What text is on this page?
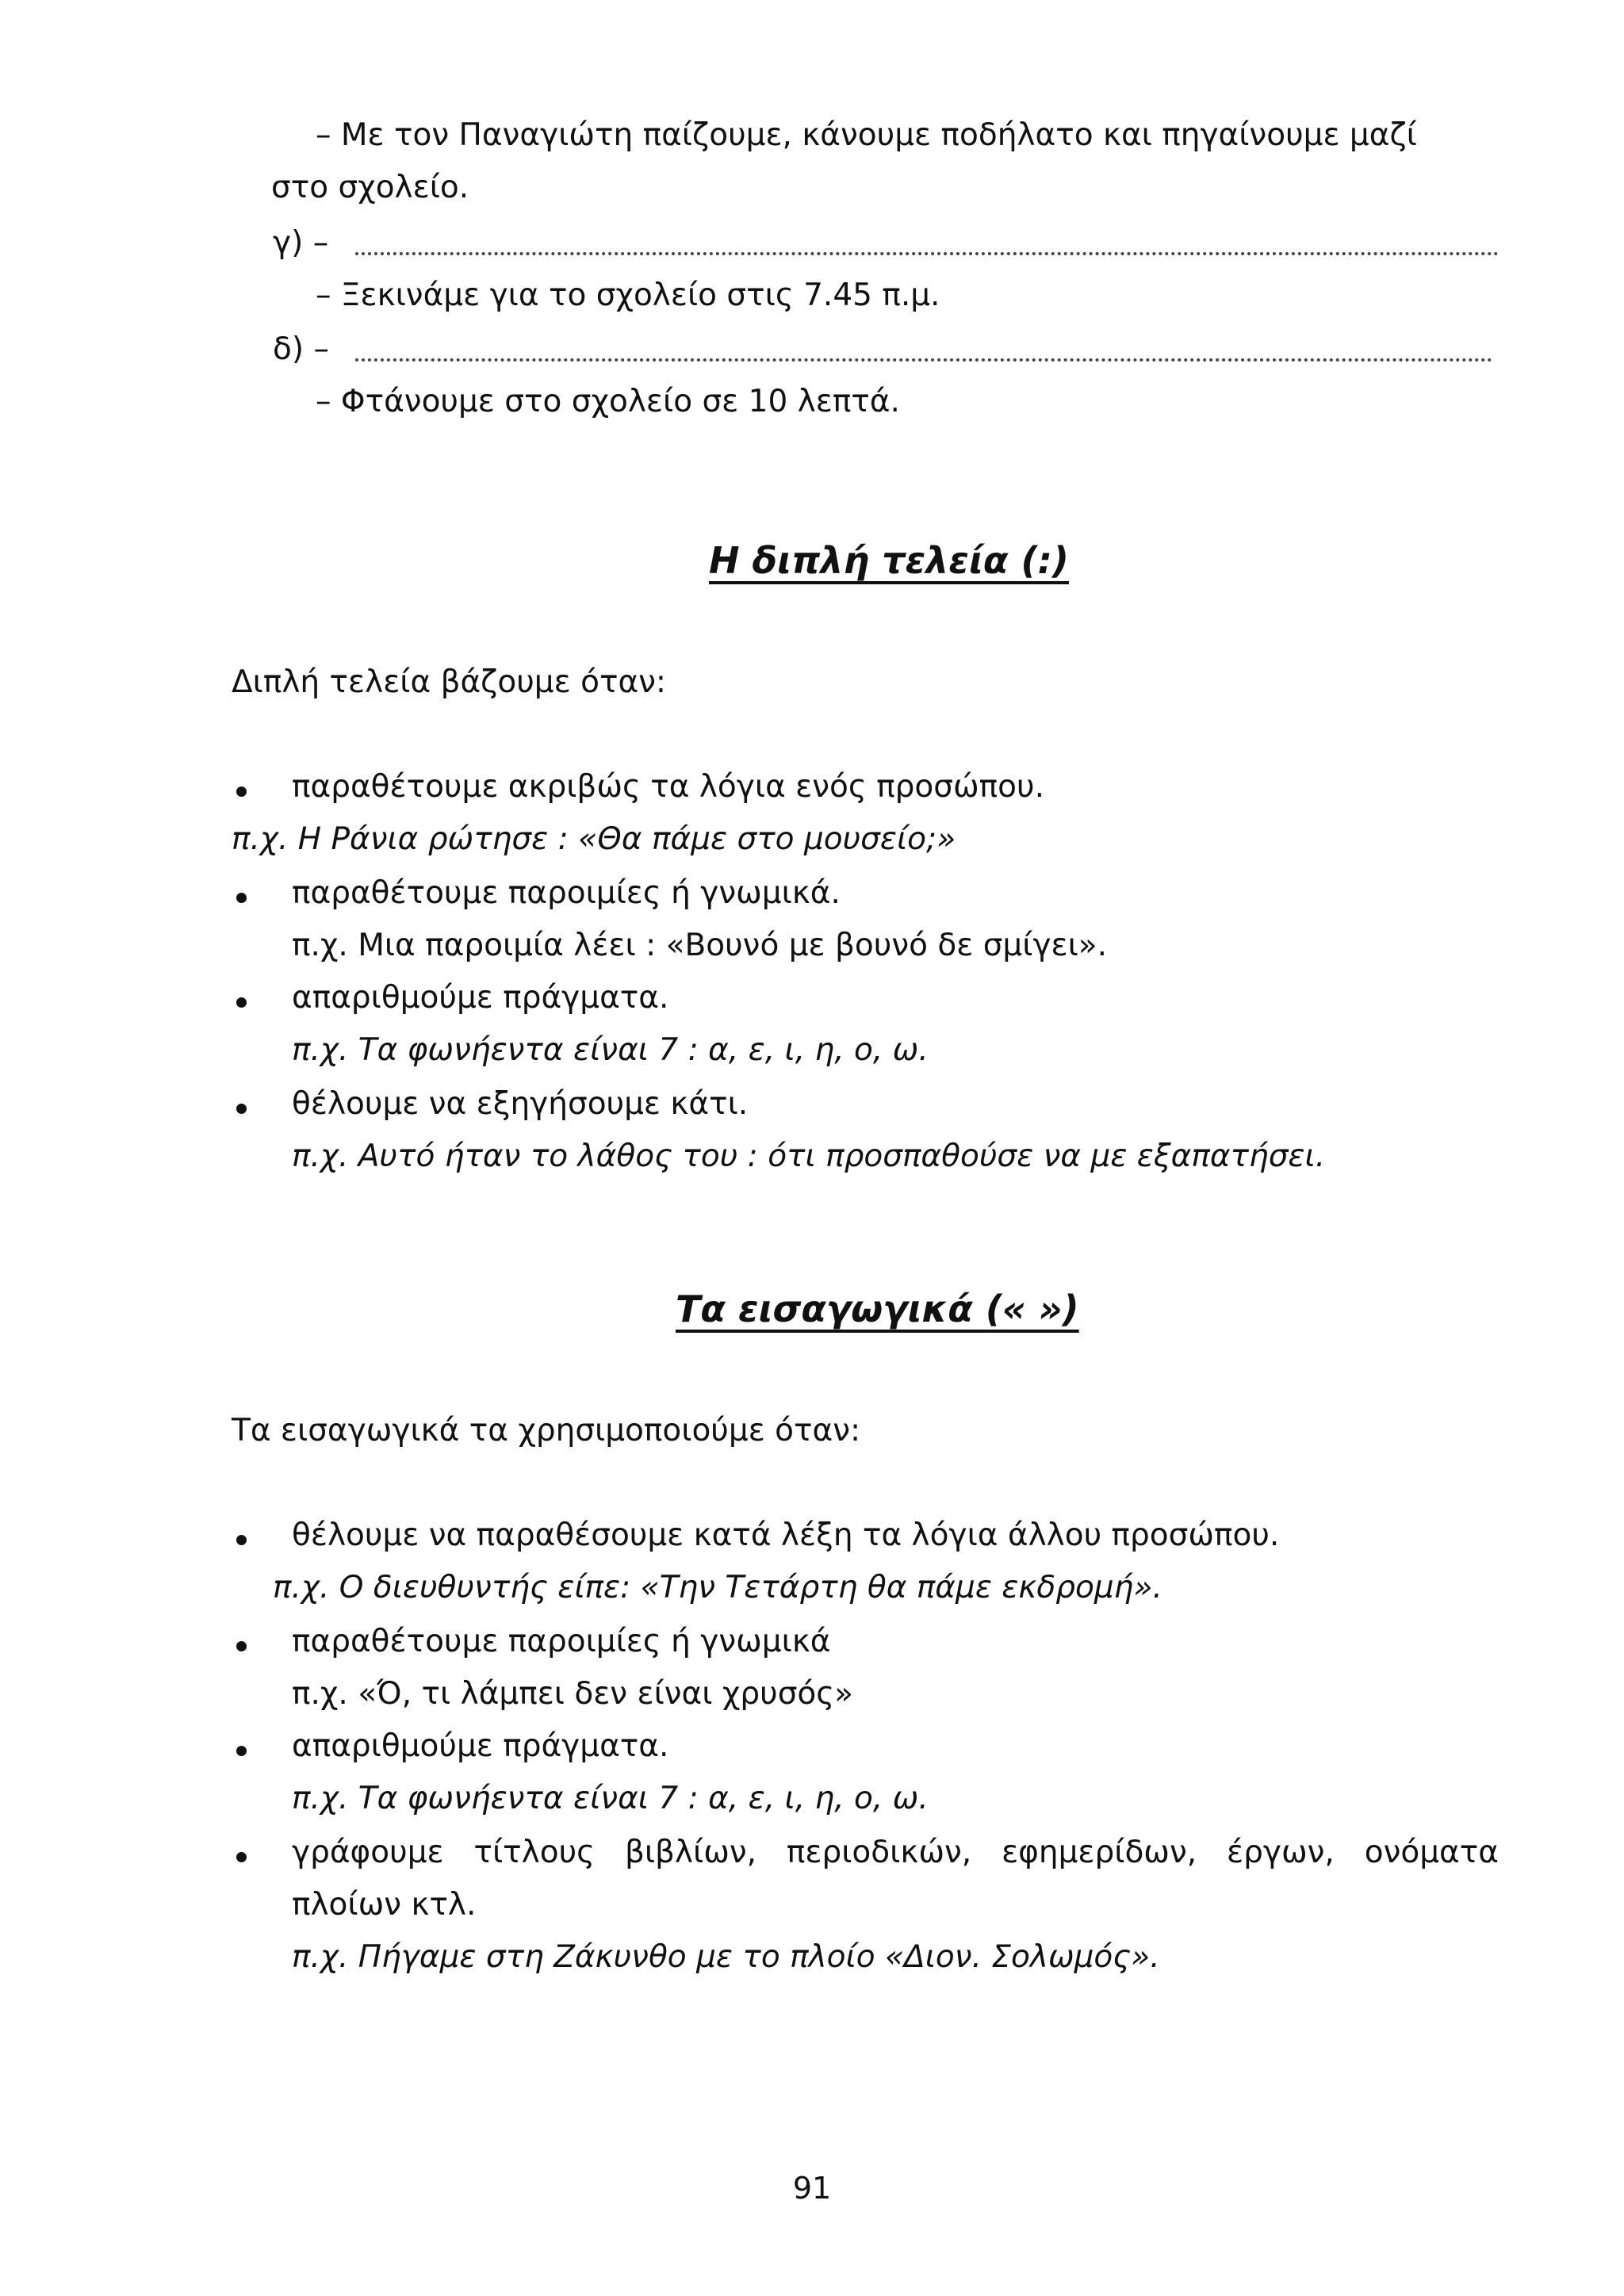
– Με τον Παναγιώτη παίζουμε, κάνουμε ποδήλατο και πηγαίνουμε μαζί
στο σχολείο.
γ) –
– Ξεκινάμε για το σχολείο στις 7.45 π.μ.
δ) –
– Φτάνουμε στο σχολείο σε 10 λεπτά.
Η διπλή τελεία (:)
Διπλή τελεία βάζουμε όταν:
παραθέτουμε ακριβώς τα λόγια ενός προσώπου.
π.χ. Η Ράνια ρώτησε : «Θα πάμε στο μουσείο;»
παραθέτουμε παροιμίες ή γνωμικά.
π.χ. Μια παροιμία λέει : «Βουνό με βουνό δε σμίγει».
απαριθμούμε πράγματα.
π.χ. Τα φωνήεντα είναι 7 : α, ε, ι, η, ο, ω.
θέλουμε να εξηγήσουμε κάτι.
π.χ. Αυτό ήταν το λάθος του : ότι προσπαθούσε να με εξαπατήσει.
Τα εισαγωγικά (« »)
Τα εισαγωγικά τα χρησιμοποιούμε όταν:
θέλουμε να παραθέσουμε κατά λέξη τα λόγια άλλου προσώπου.
π.χ. Ο διευθυντής είπε: «Την Τετάρτη θα πάμε εκδρομή».
παραθέτουμε παροιμίες ή γνωμικά
π.χ. «Ό, τι λάμπει δεν είναι χρυσός»
απαριθμούμε πράγματα.
π.χ. Τα φωνήεντα είναι 7 : α, ε, ι, η, ο, ω.
γράφουμε τίτλους βιβλίων, περιοδικών, εφημερίδων, έργων, ονόματα
πλοίων κτλ.
π.χ. Πήγαμε στη Ζάκυνθο με το πλοίο «Διον. Σολωμός».
91
